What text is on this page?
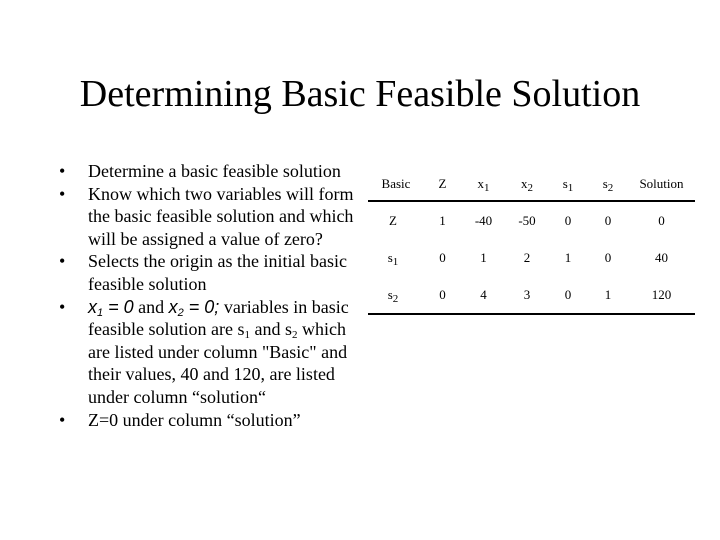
Determining Basic Feasible Solution
• Determine a basic feasible solution
• Know which two variables will form the basic feasible solution and which will be assigned a value of zero?
• Selects the origin as the initial basic feasible solution
• $x_1 = 0$ and $x_2 = 0$; variables in basic feasible solution are $s_1$ and $s_2$ which are listed under column "Basic" and their values, 40 and 120, are listed under column “solution“
• Z=0 under column “solution”
Basic	Z	$x_1$	$x_2$	$s_1$	$s_2$	Solution
Z	1	-40	-50	0	0	0
$s_1$	0	1	2	1	0	40
$s_2$	0	4	3	0	1	120
